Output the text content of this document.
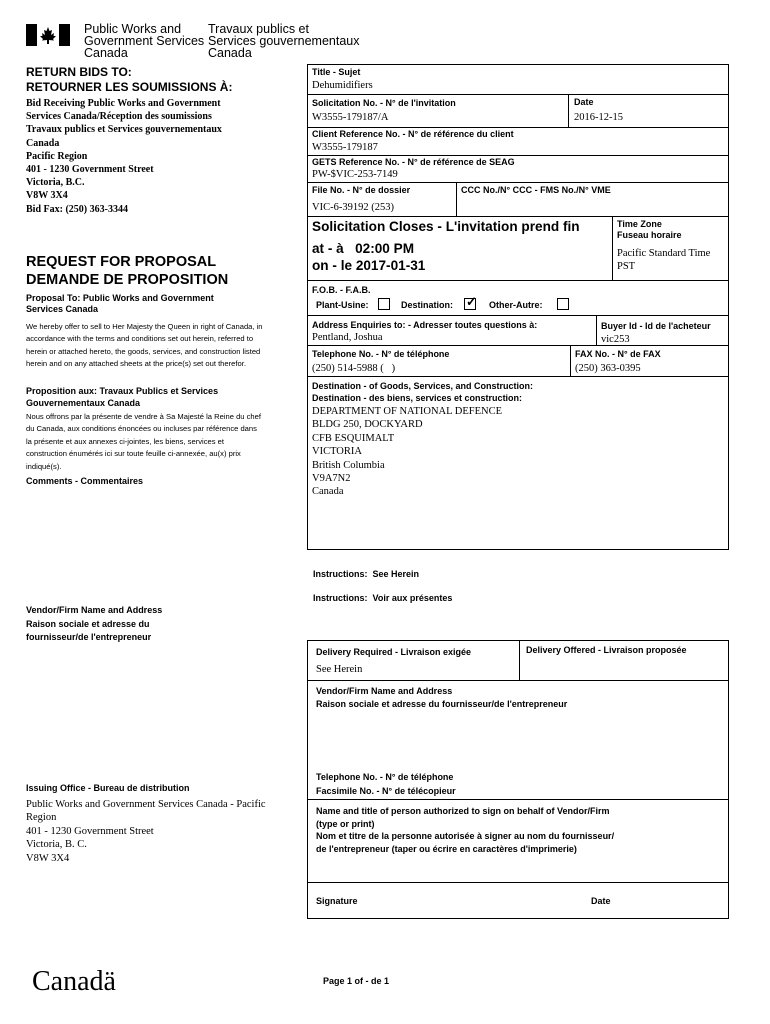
Public Works and
Government Services
Canada
Travaux publics et
Services gouvernementaux
Canada
RETURN BIDS TO:
RETOURNER LES SOUMISSIONS À:
Bid Receiving Public Works and Government
Services Canada/Réception des soumissions
Travaux publics et Services gouvernementaux
Canada
Pacific Region
401 - 1230 Government Street
Victoria, B.C.
V8W 3X4
Bid Fax: (250) 363-3344
REQUEST FOR PROPOSAL
DEMANDE DE PROPOSITION
Proposal To: Public Works and Government Services Canada
We hereby offer to sell to Her Majesty the Queen in right of Canada, in accordance with the terms and conditions set out herein, referred to herein or attached hereto, the goods, services, and construction listed herein and on any attached sheets at the price(s) set out therefor.
Proposition aux: Travaux Publics et Services Gouvernementaux Canada
Nous offrons par la présente de vendre à Sa Majesté la Reine du chef du Canada, aux conditions énoncées ou incluses par référence dans la présente et aux annexes ci-jointes, les biens, services et construction énumérés ici sur toute feuille ci-annexée, au(x) prix indiqué(s).
Comments - Commentaires
Vendor/Firm Name and Address
Raison sociale et adresse du
fournisseur/de l'entrepreneur
Issuing Office - Bureau de distribution
Public Works and Government Services Canada - Pacific
Region
401 - 1230 Government Street
Victoria, B. C.
V8W 3X4
Canadä
Title - Sujet
Dehumidifiers
Solicitation No. - N° de l'invitation
W3555-179187/A
Date
2016-12-15
Client Reference No. - N° de référence du client
W3555-179187
GETS Reference No. - N° de référence de SEAG
PW-$VIC-253-7149
File No. - N° de dossier
VIC-6-39192 (253)
CCC No./N° CCC - FMS No./N° VME
Solicitation Closes - L'invitation prend fin
at - à 02:00 PM
on - le 2017-01-31
Time Zone
Fuseau horaire
Pacific Standard Time
PST
F.O.B. - F.A.B.
Plant-Usine:	Destination: ✓ Other-Autre:
Address Enquiries to: - Adresser toutes questions à:
Pentland, Joshua
Buyer Id - Id de l'acheteur
vic253
Telephone No. - N° de téléphone
(250) 514-5988 (   )
FAX No. - N° de FAX
(250) 363-0395
Destination - of Goods, Services, and Construction:
Destination - des biens, services et construction:
DEPARTMENT OF NATIONAL DEFENCE
BLDG 250, DOCKYARD
CFB ESQUIMALT
VICTORIA
British Columbia
V9A7N2
Canada
Instructions:  See Herein
Instructions:  Voir aux présentes
Delivery Required - Livraison exigée
See Herein
Delivery Offered - Livraison proposée
Vendor/Firm Name and Address
Raison sociale et adresse du fournisseur/de l'entrepreneur
Telephone No. - N° de téléphone
Facsimile No. - N° de télécopieur
Name and title of person authorized to sign on behalf of Vendor/Firm
(type or print)
Nom et titre de la personne autorisée à signer au nom du fournisseur/
de l'entrepreneur (taper ou écrire en caractères d'imprimerie)
Signature	Date
Page 1 of - de 1
